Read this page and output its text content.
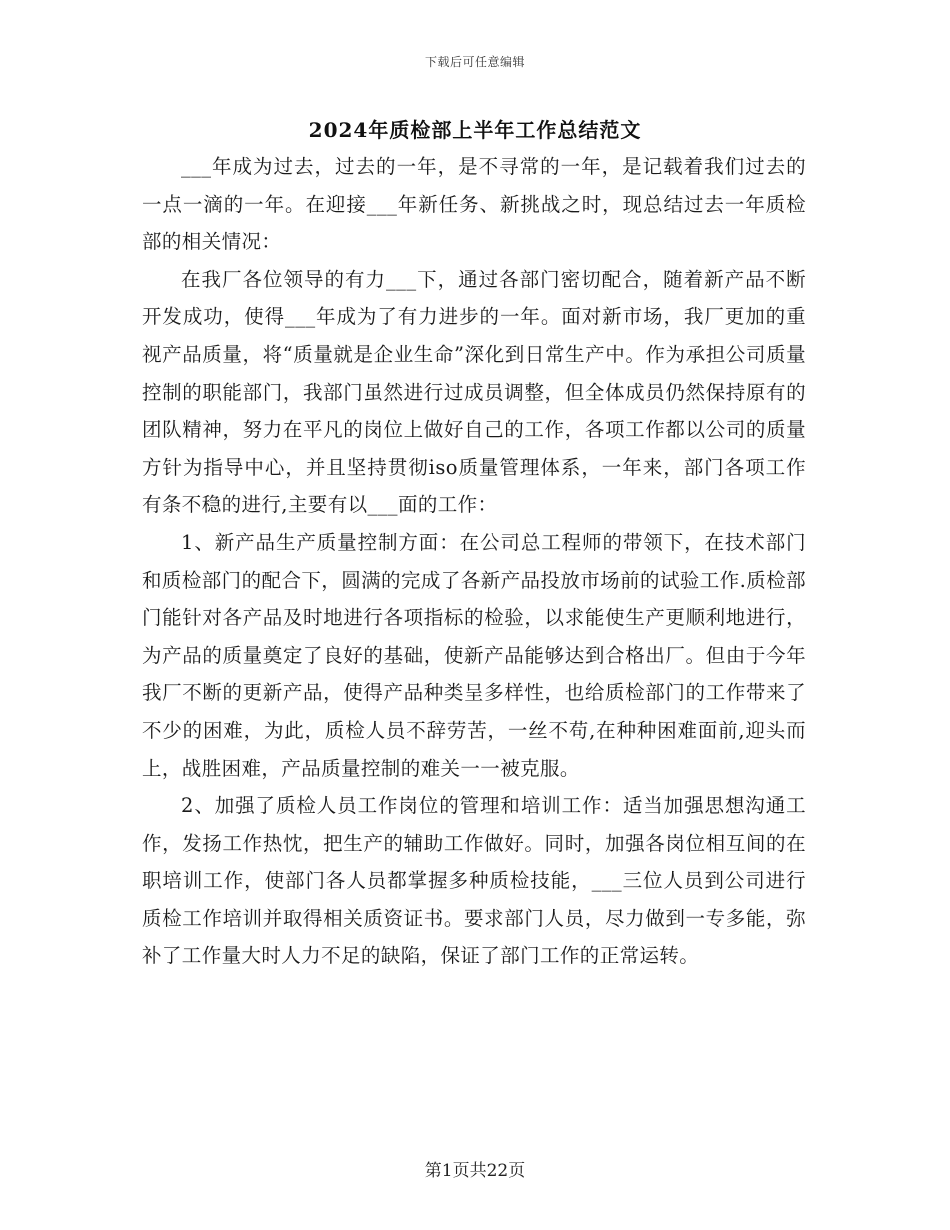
下载后可任意编辑
2024年质检部上半年工作总结范文

___年成为过去，过去的一年，是不寻常的一年，是记载着我们过去的一点一滴的一年。在迎接___年新任务、新挑战之时，现总结过去一年质检部的相关情况：

在我厂各位领导的有力___下，通过各部门密切配合，随着新产品不断开发成功，使得___年成为了有力进步的一年。面对新市场，我厂更加的重视产品质量，将“质量就是企业生命”深化到日常生产中。作为承担公司质量控制的职能部门，我部门虽然进行过成员调整，但全体成员仍然保持原有的团队精神，努力在平凡的岗位上做好自己的工作，各项工作都以公司的质量方针为指导中心，并且坚持贯彻iso质量管理体系，一年来，部门各项工作有条不稳的进行,主要有以___面的工作：

1、新产品生产质量控制方面：在公司总工程师的带领下，在技术部门和质检部门的配合下，圆满的完成了各新产品投放市场前的试验工作.质检部门能针对各产品及时地进行各项指标的检验，以求能使生产更顺利地进行，为产品的质量奠定了良好的基础，使新产品能够达到合格出厂。但由于今年我厂不断的更新产品，使得产品种类呈多样性，也给质检部门的工作带来了不少的困难，为此，质检人员不辞劳苦，一丝不苟,在种种困难面前,迎头而上，战胜困难，产品质量控制的难关一一被克服。

2、加强了质检人员工作岗位的管理和培训工作：适当加强思想沟通工作，发扬工作热忱，把生产的辅助工作做好。同时，加强各岗位相互间的在职培训工作，使部门各人员都掌握多种质检技能，___三位人员到公司进行质检工作培训并取得相关质资证书。要求部门人员，尽力做到一专多能，弥补了工作量大时人力不足的缺陷，保证了部门工作的正常运转。

第1页共22页
